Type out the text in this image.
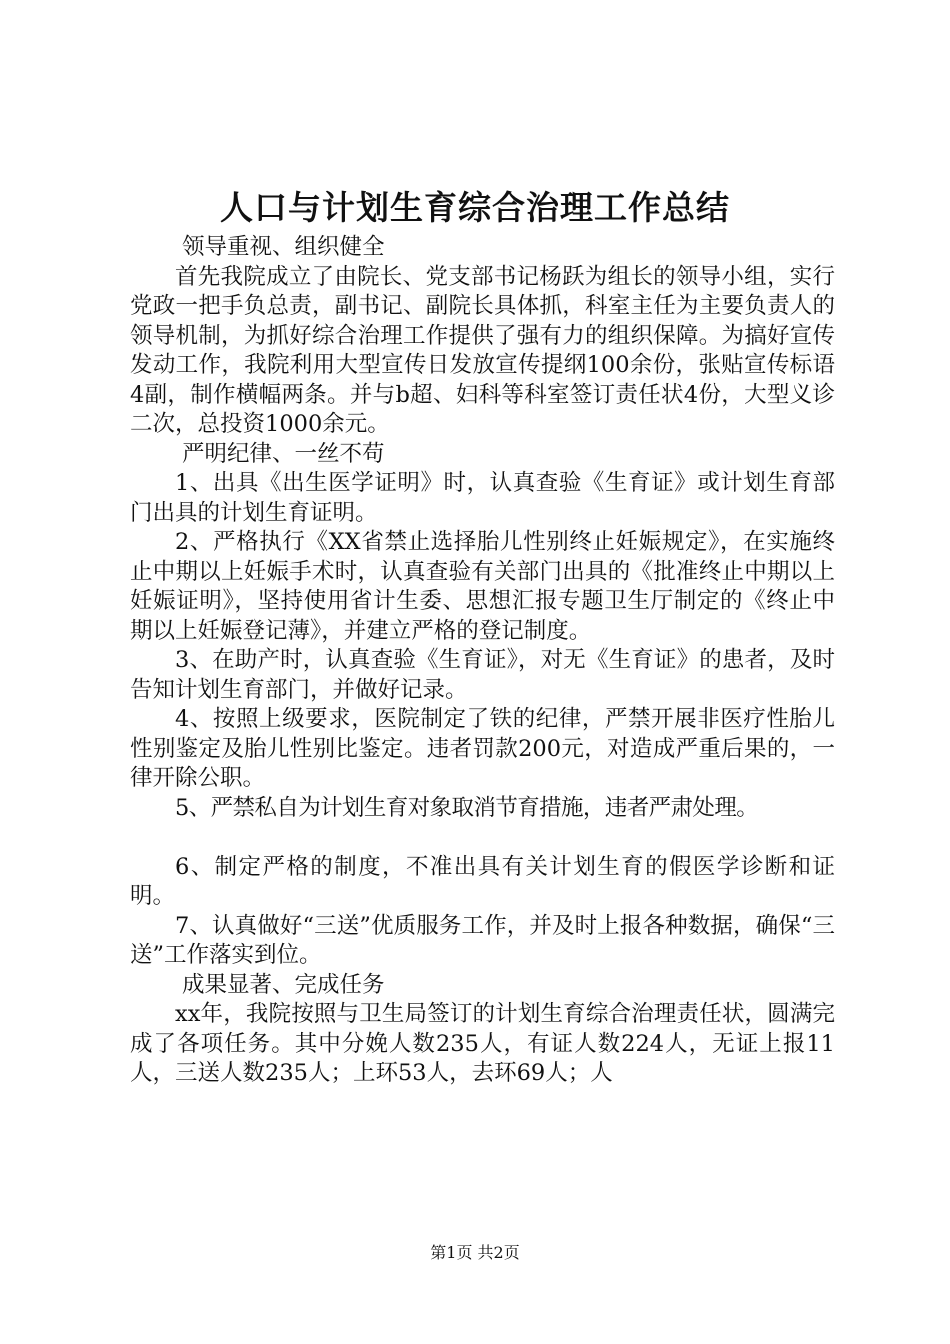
人口与计划生育综合治理工作总结

领导重视、组织健全

首先我院成立了由院长、党支部书记杨跃为组长的领导小组，实行党政一把手负总责，副书记、副院长具体抓，科室主任为主要负责人的领导机制，为抓好综合治理工作提供了强有力的组织保障。为搞好宣传发动工作，我院利用大型宣传日发放宣传提纲100余份，张贴宣传标语4副，制作横幅两条。并与b超、妇科等科室签订责任状4份，大型义诊二次，总投资1000余元。

严明纪律、一丝不苟

1、出具《出生医学证明》时，认真查验《生育证》或计划生育部门出具的计划生育证明。

2、严格执行《XX省禁止选择胎儿性别终止妊娠规定》，在实施终止中期以上妊娠手术时，认真查验有关部门出具的《批准终止中期以上妊娠证明》，坚持使用省计生委、思想汇报专题卫生厅制定的《终止中期以上妊娠登记薄》，并建立严格的登记制度。

3、在助产时，认真查验《生育证》，对无《生育证》的患者，及时告知计划生育部门，并做好记录。

4、按照上级要求，医院制定了铁的纪律，严禁开展非医疗性胎儿性别鉴定及胎儿性别比鉴定。违者罚款200元，对造成严重后果的，一律开除公职。

5、严禁私自为计划生育对象取消节育措施，违者严肃处理。

6、制定严格的制度，不准出具有关计划生育的假医学诊断和证明。

7、认真做好“三送”优质服务工作，并及时上报各种数据，确保“三送”工作落实到位。

成果显著、完成任务

xx年，我院按照与卫生局签订的计划生育综合治理责任状，圆满完成了各项任务。其中分娩人数235人，有证人数224人，无证上报11人，三送人数235人；上环53人，去环69人；人

第1页 共2页
